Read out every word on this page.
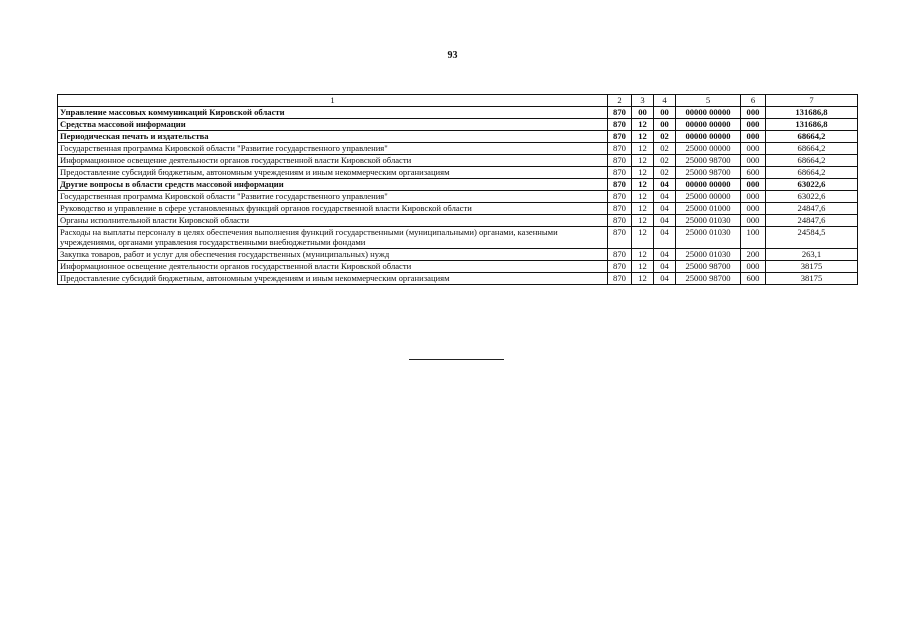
93
1	2	3	4	5	6	7
Управление массовых коммуникаций Кировской области	870	00	00	00000 00000	000	131686,8
Средства массовой информации	870	12	00	00000 00000	000	131686,8
Периодическая печать и издательства	870	12	02	00000 00000	000	68664,2
Государственная программа Кировской области "Развитие государственного управления"	870	12	02	25000 00000	000	68664,2
Информационное освещение деятельности органов государственной власти Кировской области	870	12	02	25000 98700	000	68664,2
Предоставление субсидий бюджетным, автономным учреждениям и иным некоммерческим организациям	870	12	02	25000 98700	600	68664,2
Другие вопросы в области средств массовой информации	870	12	04	00000 00000	000	63022,6
Государственная программа Кировской области "Развитие государственного управления"	870	12	04	25000 00000	000	63022,6
Руководство и управление в сфере установленных функций органов государственной власти Кировской области	870	12	04	25000 01000	000	24847,6
Органы исполнительной власти Кировской области	870	12	04	25000 01030	000	24847,6
Расходы на выплаты персоналу в целях обеспечения выполнения функций государственными (муниципальными) органами, казенными учреждениями, органами управления государственными внебюджетными фондами	870	12	04	25000 01030	100	24584,5
Закупка товаров, работ и услуг для обеспечения государственных (муниципальных) нужд	870	12	04	25000 01030	200	263,1
Информационное освещение деятельности органов государственной власти Кировской области	870	12	04	25000 98700	000	38175
Предоставление субсидий бюджетным, автономным учреждениям и иным некоммерческим организациям	870	12	04	25000 98700	600	38175
